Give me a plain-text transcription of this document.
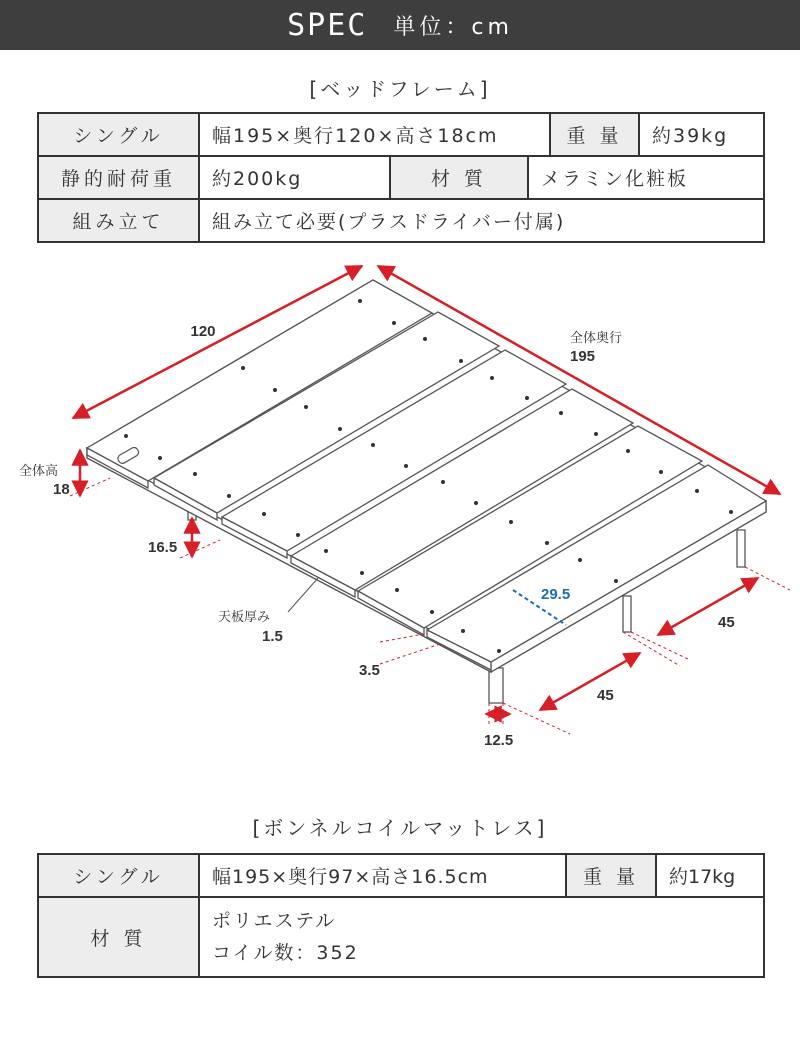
SPEC 単位：cm
[ベッドフレーム]
シングル	幅195×奥行120×高さ18cm			重 量	約39kg
静的耐荷重	約200kg	材 質	メラミン化粧板		
組み立て	組み立て必要(プラスドライバー付属)				
120	全体奥行
195
全体高
18
16.5
天板厚み
1.5
29.5
45
45
3.5
12.5
[ボンネルコイルマットレス]
シングル	幅195×奥行97×高さ16.5cm	重 量	約17kg
材 質	ポリエステル
コイル数：352		
